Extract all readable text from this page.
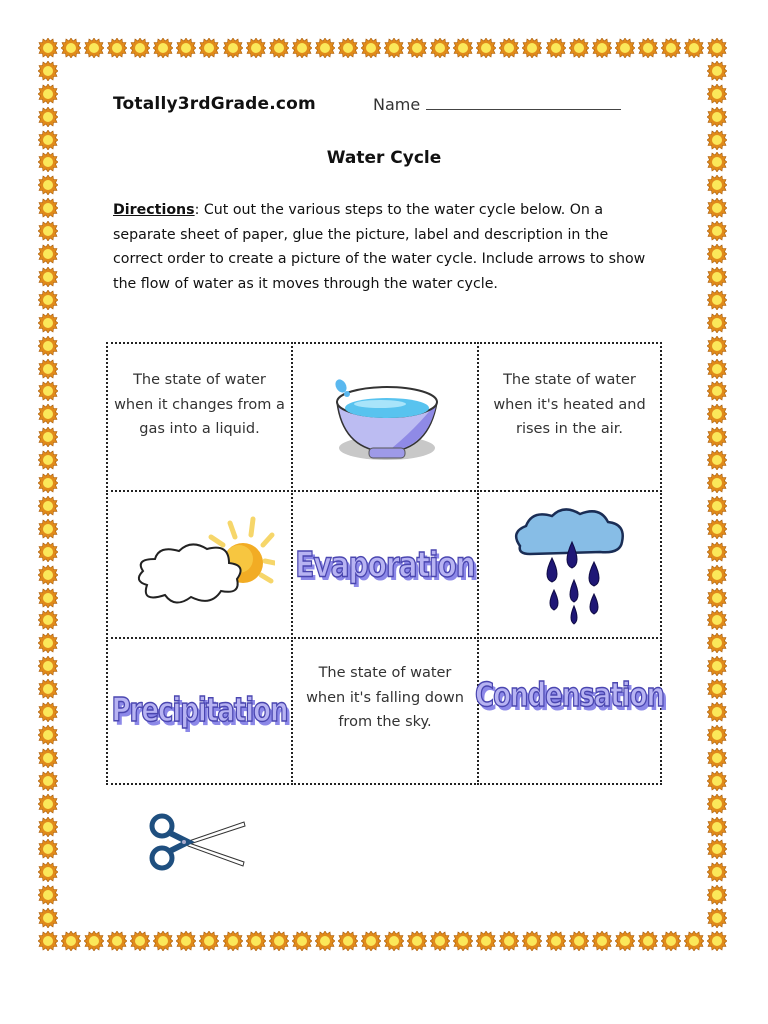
Totally3rdGrade.com	Name
Water Cycle
Directions: Cut out the various steps to the water cycle below. On a separate sheet of paper, glue the picture, label and description in the correct order to create a picture of the water cycle. Include arrows to show the flow of water as it moves through the water cycle.
The state of water when it changes from a gas into a liquid.
The state of water when it's heated and rises in the air.
Evaporation
Precipitation
The state of water when it's falling down from the sky.
Condensation
